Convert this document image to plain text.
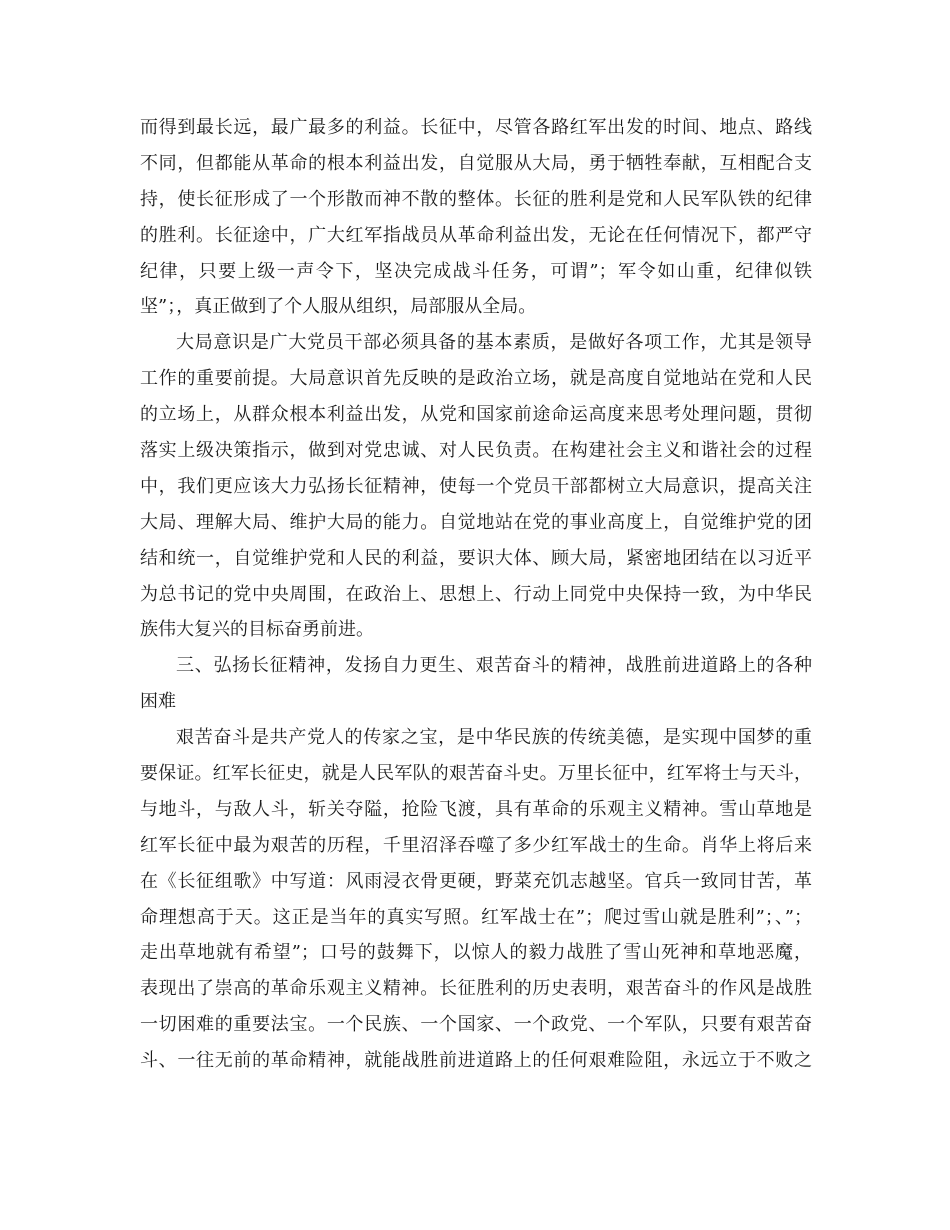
而得到最长远，最广最多的利益。长征中，尽管各路红军出发的时间、地点、路线
不同，但都能从革命的根本利益出发，自觉服从大局，勇于牺牲奉献，互相配合支
持，使长征形成了一个形散而神不散的整体。长征的胜利是党和人民军队铁的纪律
的胜利。长征途中，广大红军指战员从革命利益出发，无论在任何情况下，都严守
纪律，只要上级一声令下，坚决完成战斗任务，可谓”；军令如山重，纪律似铁
坚”；，真正做到了个人服从组织，局部服从全局。
大局意识是广大党员干部必须具备的基本素质，是做好各项工作，尤其是领导
工作的重要前提。大局意识首先反映的是政治立场，就是高度自觉地站在党和人民
的立场上，从群众根本利益出发，从党和国家前途命运高度来思考处理问题，贯彻
落实上级决策指示，做到对党忠诚、对人民负责。在构建社会主义和谐社会的过程
中，我们更应该大力弘扬长征精神，使每一个党员干部都树立大局意识，提高关注
大局、理解大局、维护大局的能力。自觉地站在党的事业高度上，自觉维护党的团
结和统一，自觉维护党和人民的利益，要识大体、顾大局，紧密地团结在以习近平
为总书记的党中央周围，在政治上、思想上、行动上同党中央保持一致，为中华民
族伟大复兴的目标奋勇前进。
三、弘扬长征精神，发扬自力更生、艰苦奋斗的精神，战胜前进道路上的各种
困难
艰苦奋斗是共产党人的传家之宝，是中华民族的传统美德，是实现中国梦的重
要保证。红军长征史，就是人民军队的艰苦奋斗史。万里长征中，红军将士与天斗，
与地斗，与敌人斗，斩关夺隘，抢险飞渡，具有革命的乐观主义精神。雪山草地是
红军长征中最为艰苦的历程，千里沼泽吞噬了多少红军战士的生命。肖华上将后来
在《长征组歌》中写道：风雨浸衣骨更硬，野菜充饥志越坚。官兵一致同甘苦，革
命理想高于天。这正是当年的真实写照。红军战士在”；爬过雪山就是胜利”；、”；
走出草地就有希望”；口号的鼓舞下，以惊人的毅力战胜了雪山死神和草地恶魔，
表现出了崇高的革命乐观主义精神。长征胜利的历史表明，艰苦奋斗的作风是战胜
一切困难的重要法宝。一个民族、一个国家、一个政党、一个军队，只要有艰苦奋
斗、一往无前的革命精神，就能战胜前进道路上的任何艰难险阻，永远立于不败之
